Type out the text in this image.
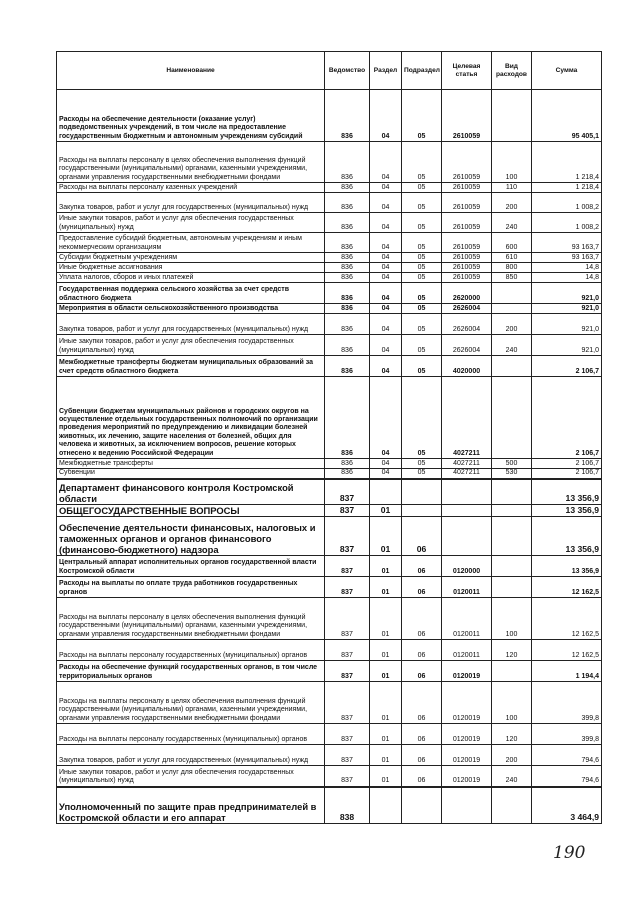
Наименование	Ведомство	Раздел	Подраздел	Целевая статья	Вид расходов	Сумма
Расходы на обеспечение деятельности (оказание услуг) подведомственных учреждений, в том числе на предоставление государственным бюджетным и автономным учреждениям субсидий	836	04	05	2610059		95 405,1
Расходы на выплаты персоналу в целях обеспечения выполнения функций государственными (муниципальными) органами, казенными учреждениями, органами управления государственными внебюджетными фондами	836	04	05	2610059	100	1 218,4
Расходы на выплаты персоналу казенных учреждений	836	04	05	2610059	110	1 218,4
Закупка товаров, работ и услуг для государственных (муниципальных) нужд	836	04	05	2610059	200	1 008,2
Иные закупки товаров, работ и услуг для обеспечения государственных (муниципальных) нужд	836	04	05	2610059	240	1 008,2
Предоставление субсидий бюджетным, автономным учреждениям и иным некоммерческим организациям	836	04	05	2610059	600	93 163,7
Субсидии бюджетным учреждениям	836	04	05	2610059	610	93 163,7
Иные бюджетные ассигнования	836	04	05	2610059	800	14,8
Уплата налогов, сборов и иных платежей	836	04	05	2610059	850	14,8
Государственная поддержка сельского хозяйства за счет средств областного бюджета	836	04	05	2620000		921,0
Мероприятия в области сельскохозяйственного производства	836	04	05	2626004		921,0
Закупка товаров, работ и услуг для государственных (муниципальных) нужд	836	04	05	2626004	200	921,0
Иные закупки товаров, работ и услуг для обеспечения государственных (муниципальных) нужд	836	04	05	2626004	240	921,0
Межбюджетные трансферты бюджетам муниципальных образований за счет средств областного бюджета	836	04	05	4020000		2 106,7
Субвенции бюджетам муниципальных районов и городских округов на осуществление отдельных государственных полномочий по организации проведения мероприятий по предупреждению и ликвидации болезней животных, их лечению, защите населения от болезней, общих для человека и животных, за исключением вопросов, решение которых отнесено к ведению Российской Федерации	836	04	05	4027211		2 106,7
Межбюджетные трансферты	836	04	05	4027211	500	2 106,7
Субвенции	836	04	05	4027211	530	2 106,7
Департамент финансового контроля Костромской области	837					13 356,9
ОБЩЕГОСУДАРСТВЕННЫЕ ВОПРОСЫ	837	01				13 356,9
Обеспечение деятельности финансовых, налоговых и таможенных органов и органов финансового (финансово-бюджетного) надзора	837	01	06			13 356,9
Центральный аппарат исполнительных органов государственной власти Костромской области	837	01	06	0120000		13 356,9
Расходы на выплаты по оплате труда работников государственных органов	837	01	06	0120011		12 162,5
Расходы на выплаты персоналу в целях обеспечения выполнения функций государственными (муниципальными) органами, казенными учреждениями, органами управления государственными внебюджетными фондами	837	01	06	0120011	100	12 162,5
Расходы на выплаты персоналу государственных (муниципальных) органов	837	01	06	0120011	120	12 162,5
Расходы на обеспечение функций государственных органов, в том числе территориальных органов	837	01	06	0120019		1 194,4
Расходы на выплаты персоналу в целях обеспечения выполнения функций государственными (муниципальными) органами, казенными учреждениями, органами управления государственными внебюджетными фондами	837	01	06	0120019	100	399,8
Расходы на выплаты персоналу государственных (муниципальных) органов	837	01	06	0120019	120	399,8
Закупка товаров, работ и услуг для государственных (муниципальных) нужд	837	01	06	0120019	200	794,6
Иные закупки товаров, работ и услуг для обеспечения государственных (муниципальных) нужд	837	01	06	0120019	240	794,6
Уполномоченный по защите прав предпринимателей в Костромской области и его аппарат	838					3 464,9
190
